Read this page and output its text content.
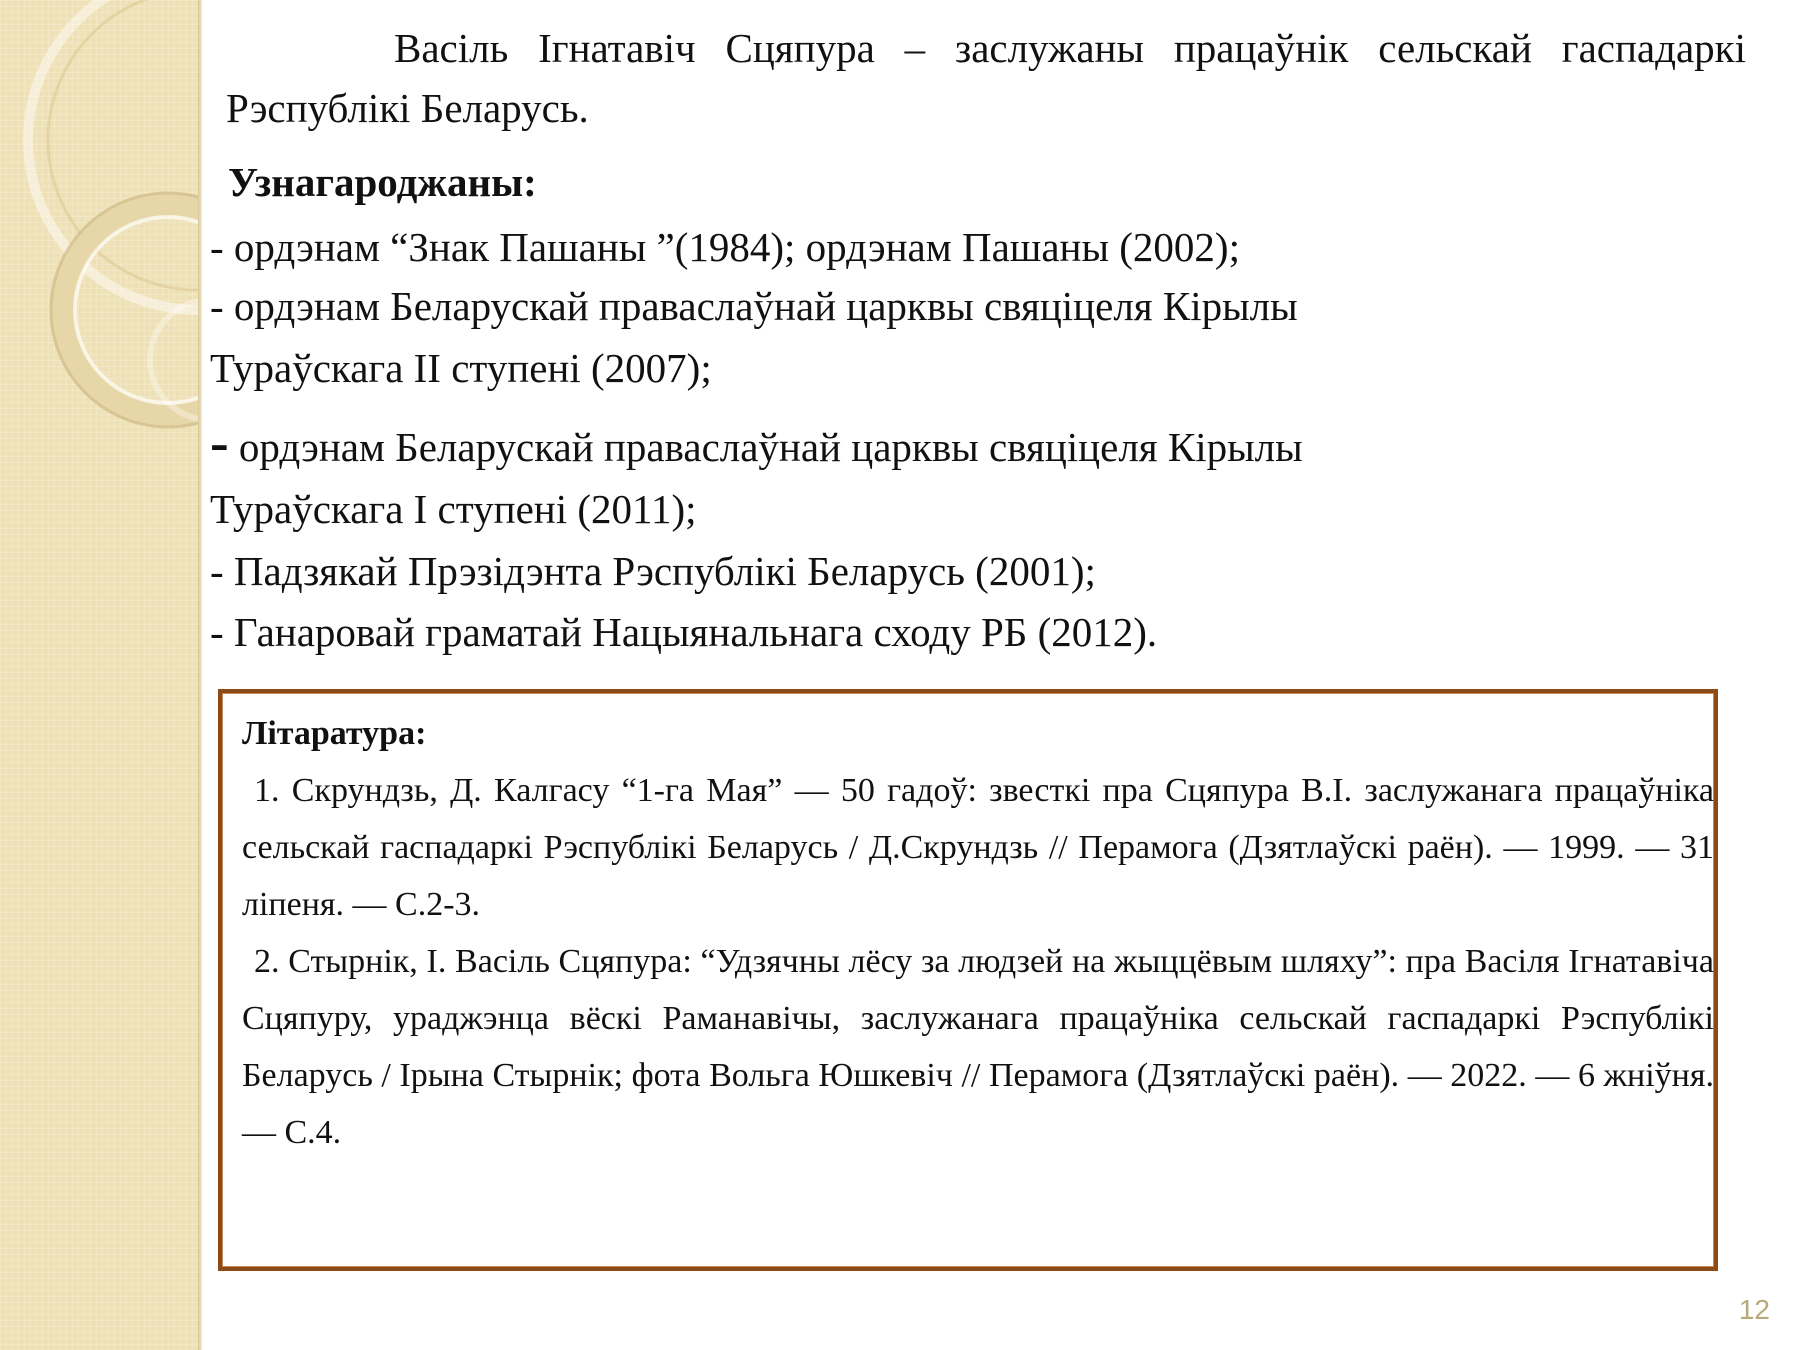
Васіль Ігнатавіч Сцяпура – заслужаны працаўнік сельскай гаспадаркі Рэспублікі Беларусь.

Узнагароджаны:

- ордэнам “Знак Пашаны ”(1984); ордэнам Пашаны (2002);

- ордэнам Беларускай праваслаўнай царквы свяціцеля Кірылы
Тураўскага ІІ ступені (2007);

- ордэнам Беларускай праваслаўнай царквы свяціцеля Кірылы
Тураўскага І ступені (2011);

- Падзякай Прэзідэнта Рэспублікі Беларусь (2001);

- Ганаровай граматай Нацыянальнага сходу РБ (2012).

Літаратура:

1. Скрундзь, Д. Калгасу “1-га Мая” — 50 гадоў: звесткі пра Сцяпура В.І. заслужанага працаўніка сельскай гаспадаркі Рэспублікі Беларусь / Д.Скрундзь // Перамога (Дзятлаўскі раён). — 1999. — 31 ліпеня. — С.2-3.

2. Стырнік, І. Васіль Сцяпура: “Удзячны лёсу за людзей на жыццёвым шляху”: пра Васіля Ігнатавіча Сцяпуру, ураджэнца вёскі Раманавічы, заслужанага працаўніка сельскай гаспадаркі Рэспублікі Беларусь / Ірына Стырнік; фота Вольга Юшкевіч // Перамога (Дзятлаўскі раён). — 2022. — 6 жніўня. — С.4.

12
